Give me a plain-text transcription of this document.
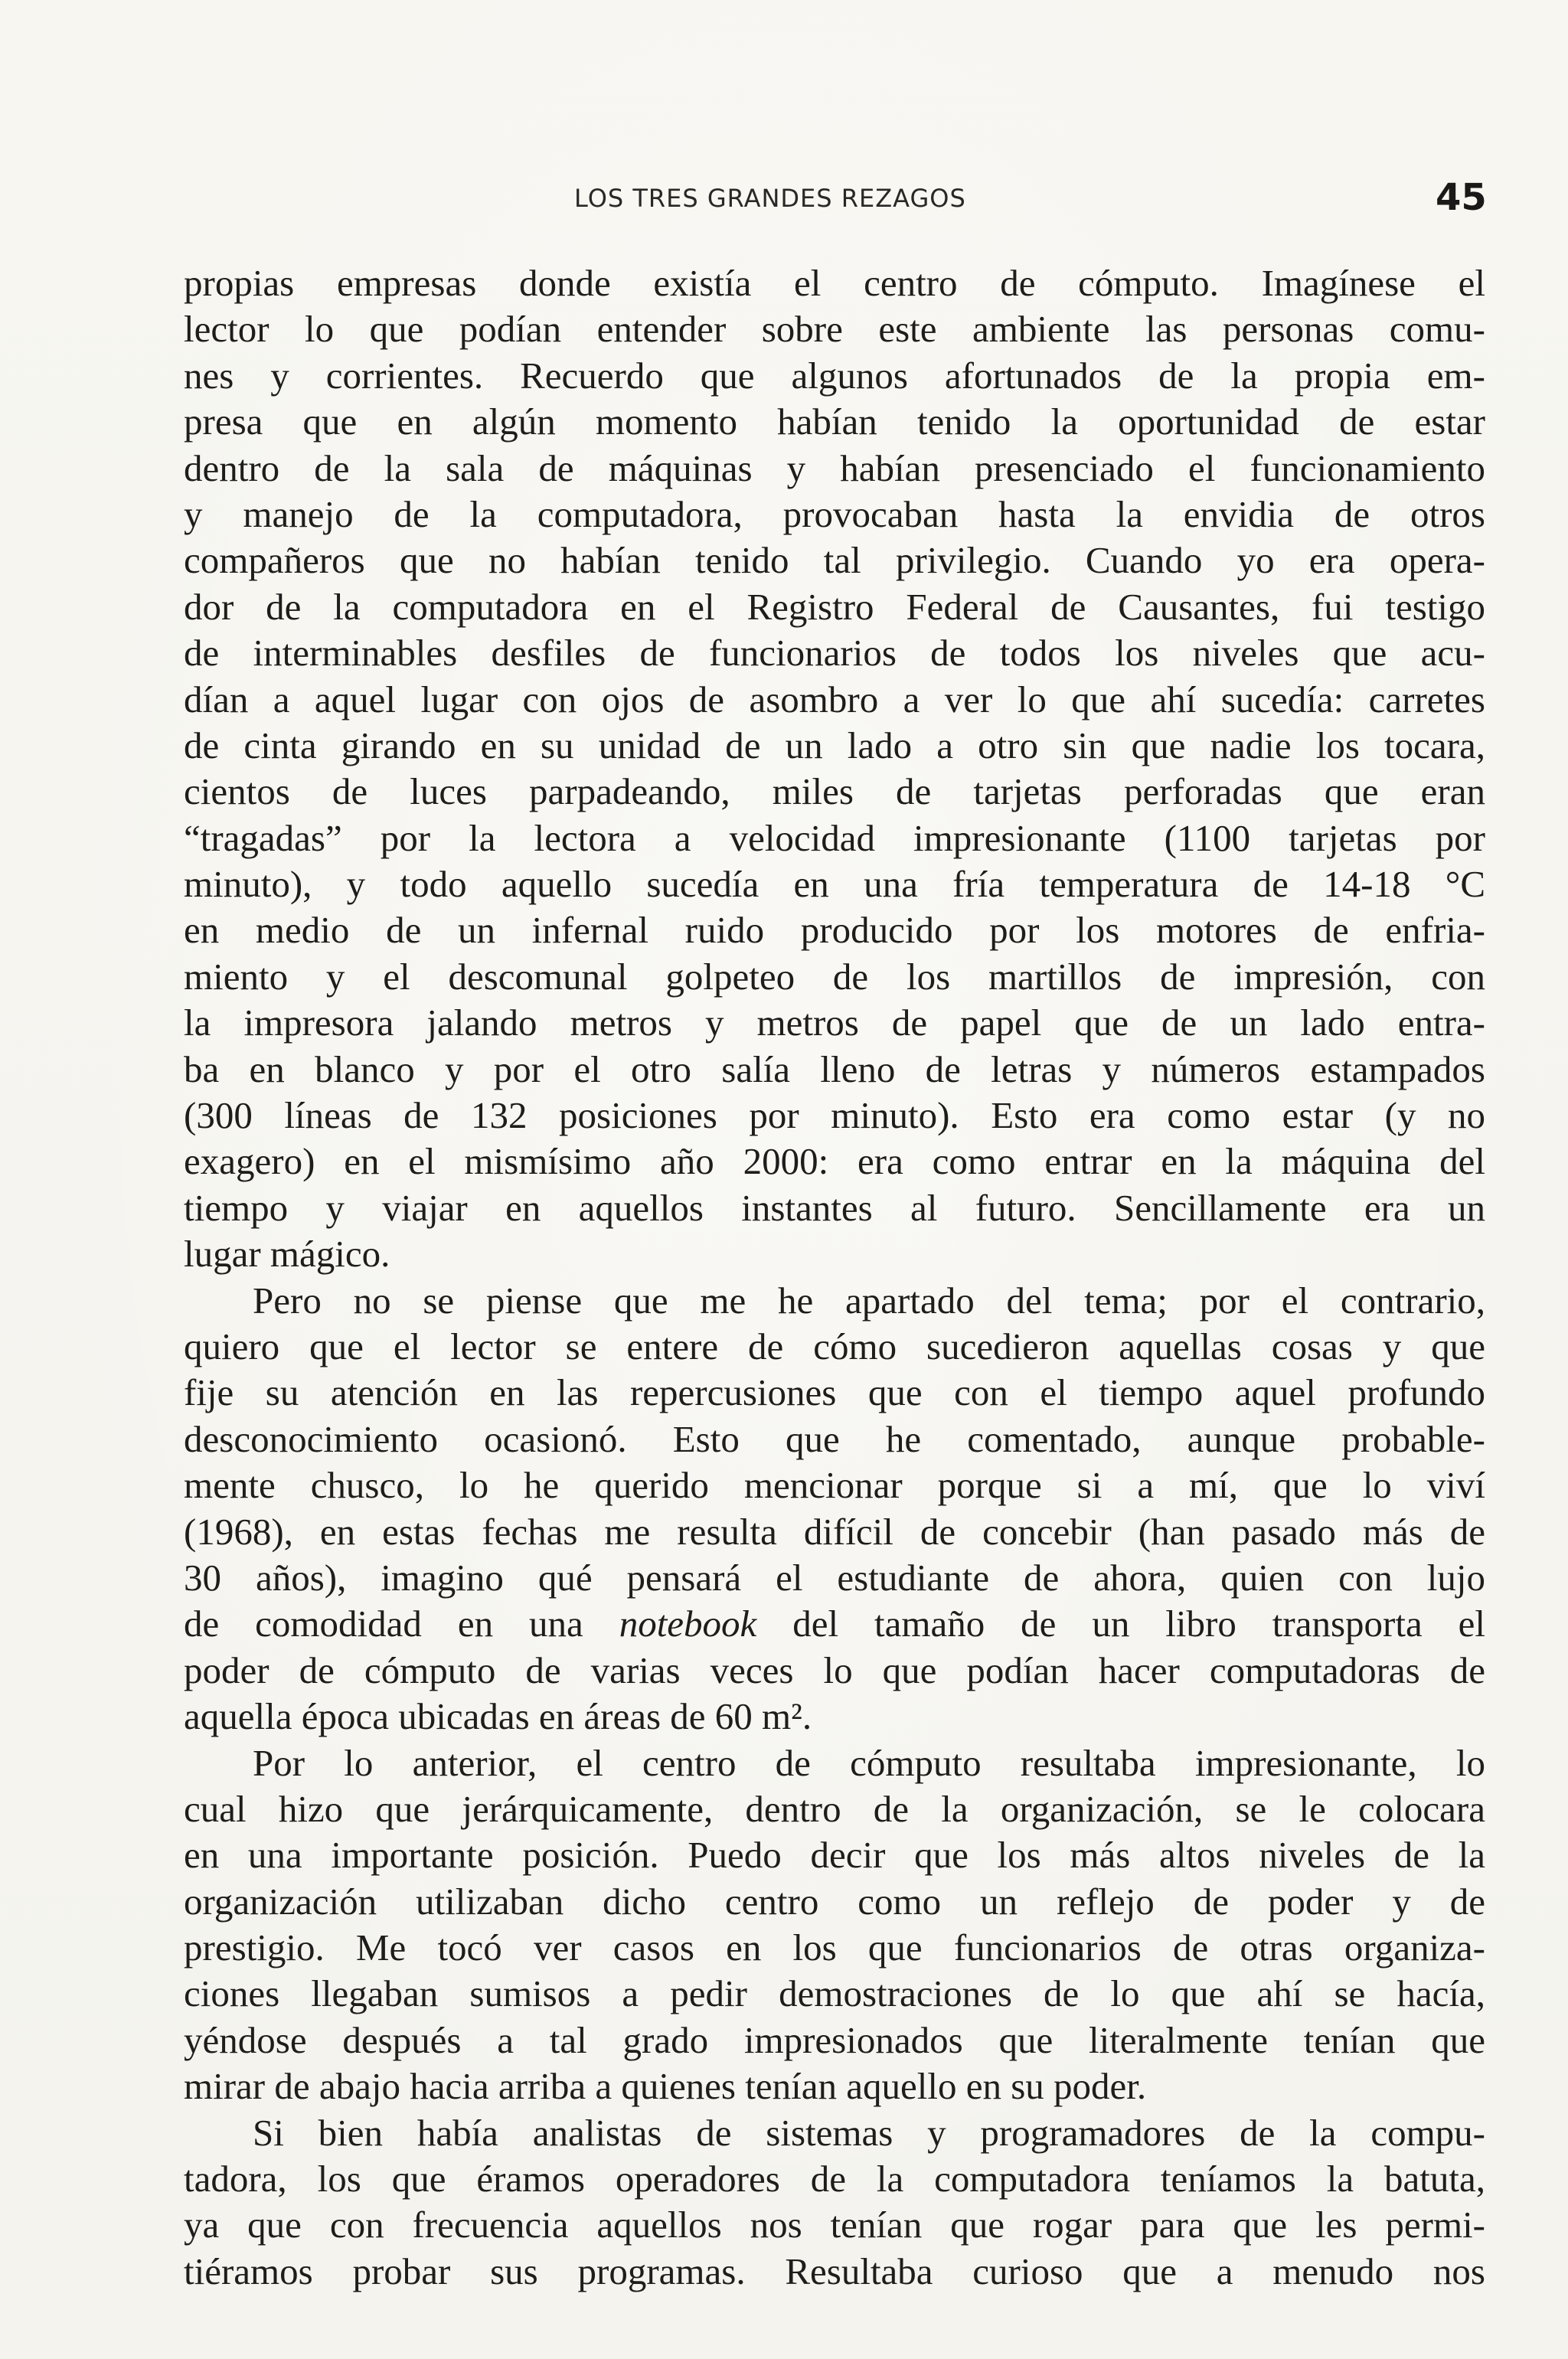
LOS TRES GRANDES REZAGOS	45
propias empresas donde existía el centro de cómputo. Imagínese el
lector lo que podían entender sobre este ambiente las personas comu-
nes y corrientes. Recuerdo que algunos afortunados de la propia em-
presa que en algún momento habían tenido la oportunidad de estar
dentro de la sala de máquinas y habían presenciado el funcionamiento
y manejo de la computadora, provocaban hasta la envidia de otros
compañeros que no habían tenido tal privilegio. Cuando yo era opera-
dor de la computadora en el Registro Federal de Causantes, fui testigo
de interminables desfiles de funcionarios de todos los niveles que acu-
dían a aquel lugar con ojos de asombro a ver lo que ahí sucedía: carretes
de cinta girando en su unidad de un lado a otro sin que nadie los tocara,
cientos de luces parpadeando, miles de tarjetas perforadas que eran
“tragadas” por la lectora a velocidad impresionante (1100 tarjetas por
minuto), y todo aquello sucedía en una fría temperatura de 14-18 °C
en medio de un infernal ruido producido por los motores de enfria-
miento y el descomunal golpeteo de los martillos de impresión, con
la impresora jalando metros y metros de papel que de un lado entra-
ba en blanco y por el otro salía lleno de letras y números estampados
(300 líneas de 132 posiciones por minuto). Esto era como estar (y no
exagero) en el mismísimo año 2000: era como entrar en la máquina del
tiempo y viajar en aquellos instantes al futuro. Sencillamente era un
lugar mágico.
Pero no se piense que me he apartado del tema; por el contrario,
quiero que el lector se entere de cómo sucedieron aquellas cosas y que
fije su atención en las repercusiones que con el tiempo aquel profundo
desconocimiento ocasionó. Esto que he comentado, aunque probable-
mente chusco, lo he querido mencionar porque si a mí, que lo viví
(1968), en estas fechas me resulta difícil de concebir (han pasado más de
30 años), imagino qué pensará el estudiante de ahora, quien con lujo
de comodidad en una notebook del tamaño de un libro transporta el
poder de cómputo de varias veces lo que podían hacer computadoras de
aquella época ubicadas en áreas de 60 m².
Por lo anterior, el centro de cómputo resultaba impresionante, lo
cual hizo que jerárquicamente, dentro de la organización, se le colocara
en una importante posición. Puedo decir que los más altos niveles de la
organización utilizaban dicho centro como un reflejo de poder y de
prestigio. Me tocó ver casos en los que funcionarios de otras organiza-
ciones llegaban sumisos a pedir demostraciones de lo que ahí se hacía,
yéndose después a tal grado impresionados que literalmente tenían que
mirar de abajo hacia arriba a quienes tenían aquello en su poder.
Si bien había analistas de sistemas y programadores de la compu-
tadora, los que éramos operadores de la computadora teníamos la batuta,
ya que con frecuencia aquellos nos tenían que rogar para que les permi-
tiéramos probar sus programas. Resultaba curioso que a menudo nos
